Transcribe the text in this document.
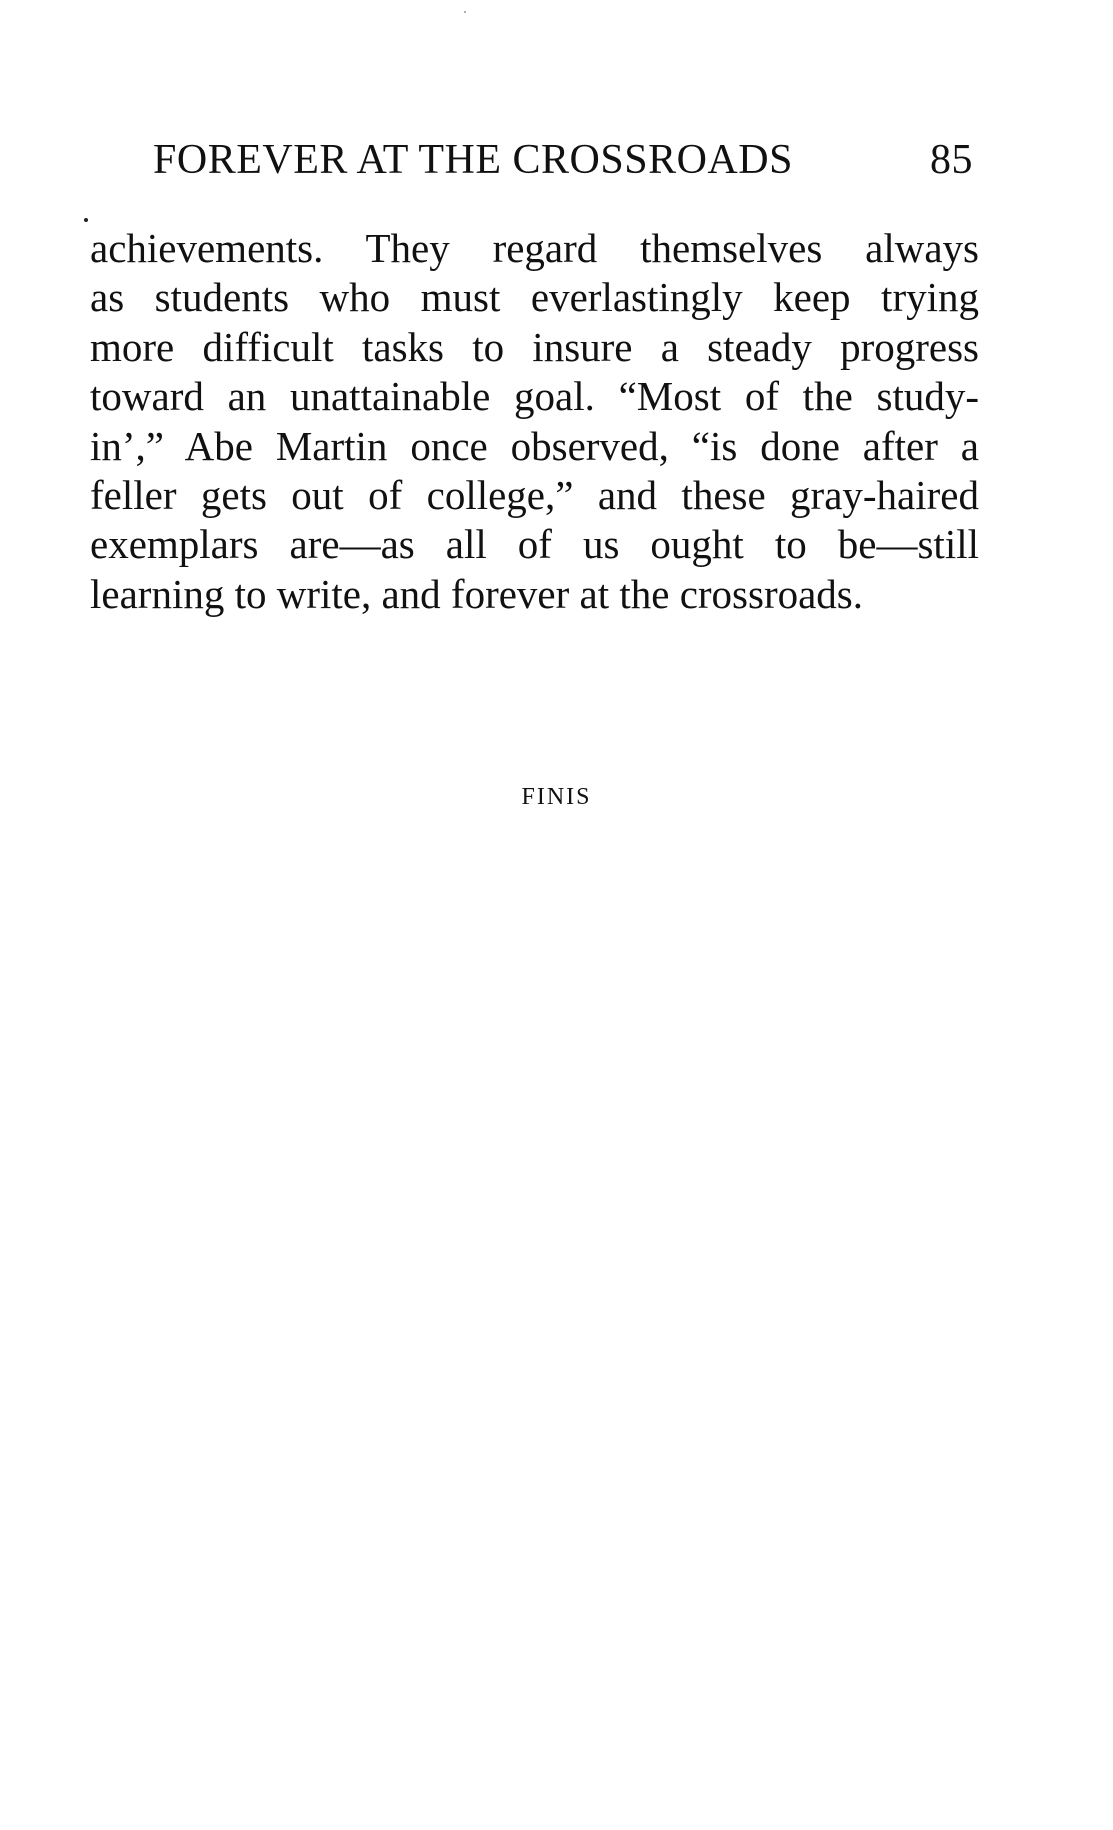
FOREVER AT THE CROSSROADS	85
achievements. They regard themselves always
as students who must everlastingly keep trying
more difficult tasks to insure a steady progress
toward an unattainable goal. “Most of the study-
in’,” Abe Martin once observed, “is done after a
feller gets out of college,” and these gray-haired
exemplars are—as all of us ought to be—still
learning to write, and forever at the crossroads.
FINIS
